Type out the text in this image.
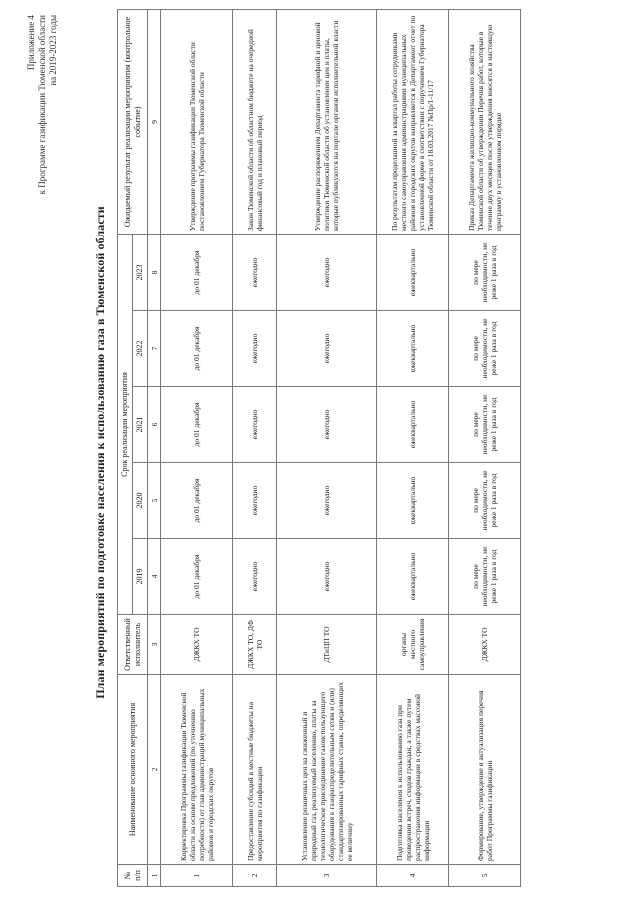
Приложение 4 к Программе газификации Тюменской области на 2019-2023 годы
План мероприятий по подготовке населения к использованию газа в Тюменской области
№ п/п	Наименование основного мероприятия	Ответственный исполнитель	Срок реализации мероприятия					Ожидаемый результат реализации мероприятия (контрольное событие)
			2019	2020	2021	2022	2023	
1	2	3	4	5	6	7	8	9
1	Корректировка Программы газификации Тюменской области на основе предложений (по уточнению потребности) от глав администраций муниципальных районов и городских округов	ДЖКХ ТО	до 01 декабря	до 01 декабря	до 01 декабря	до 01 декабря	до 01 декабря	Утверждение программы газификации Тюменской области постановлением Губернатора Тюменской области
2	Предоставление субсидий в местные бюджеты на мероприятия по газификации	ДЖКХ ТО, ДФ ТО	ежегодно	ежегодно	ежегодно	ежегодно	ежегодно	Закон Тюменской области об областном бюджете на очередной финансовый год и плановый период
3	Установление розничных цен на сжиженный и природный газ, реализуемый населению, платы за технологическое присоединение газоиспользующего оборудования к газораспределительным сетям и (или) стандартизированных тарифных ставок, определяющих ее величину	ДТиЦП ТО	ежегодно	ежегодно	ежегодно	ежегодно	ежегодно	Утверждение распоряжением Департамента тарифной и ценовой политики Тюменской области об установлении цен и платы, которые публикуются на портале органов исполнительной власти
4	Подготовка населения к использованию газа при проведении встреч, сходов граждан, а также путем распространения информации в средствах массовой информации	органы местного самоуправления	ежеквартально	ежеквартально	ежеквартально	ежеквартально	ежеквартально	По результатам проделанной за квартал работы сотрудниками местного самоуправления администрациями муниципальных районов и городских округов направляется в Департамент отчет по установленной форме в соответствии с поручением Губернатора Тюменской области от 18.03.2017 №Пр/1-11/17
5	Формирование, утверждение и актуализация перечня работ Программы газификации	ДЖКХ ТО	по мере необходимости, не реже 1 раза в год	по мере необходимости, не реже 1 раза в год	по мере необходимости, не реже 1 раза в год	по мере необходимости, не реже 1 раза в год	по мере необходимости, не реже 1 раза в год	Приказ Департамента жилищно-коммунального хозяйства Тюменской области об утверждении Перечня работ, которые в течение двух месяцев после утверждения вносятся в настоящую программу в установленном порядке
